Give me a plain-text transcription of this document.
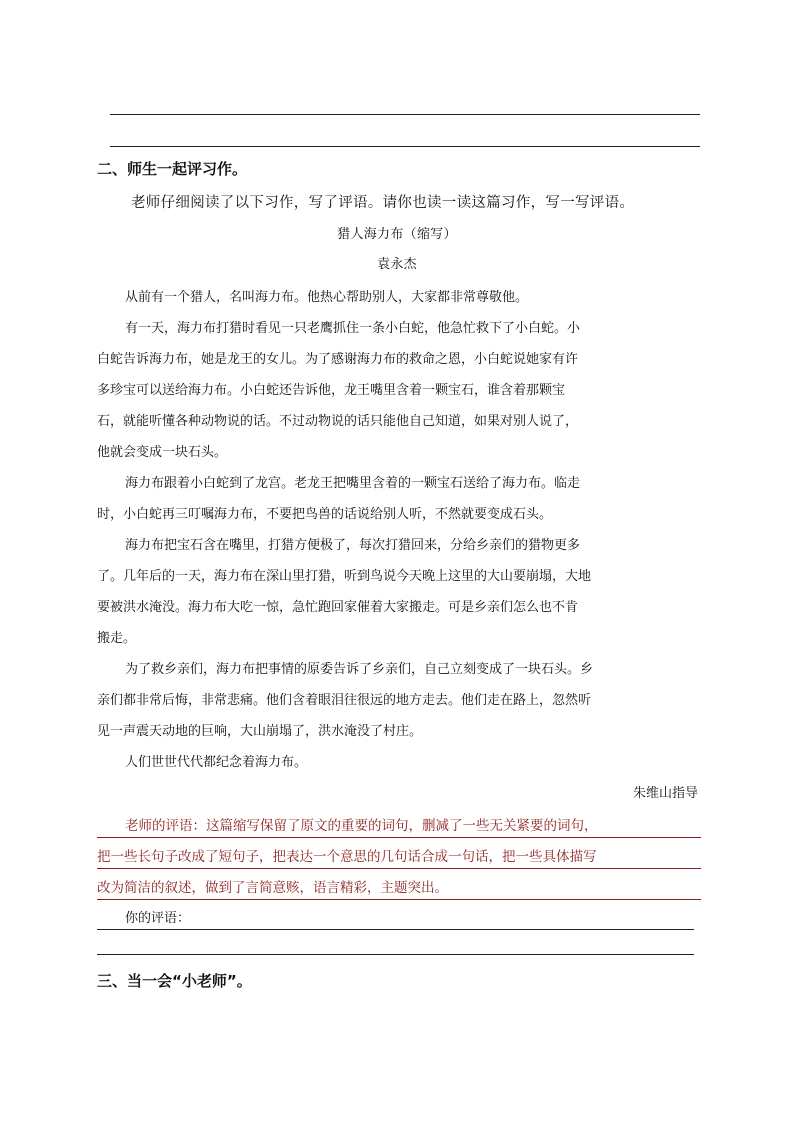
二、师生一起评习作。
老师仔细阅读了以下习作，写了评语。请你也读一读这篇习作，写一写评语。
猎人海力布（缩写）
袁永杰
从前有一个猎人，名叫海力布。他热心帮助别人，大家都非常尊敬他。
有一天，海力布打猎时看见一只老鹰抓住一条小白蛇，他急忙救下了小白蛇。小
白蛇告诉海力布，她是龙王的女儿。为了感谢海力布的救命之恩，小白蛇说她家有许
多珍宝可以送给海力布。小白蛇还告诉他，龙王嘴里含着一颗宝石，谁含着那颗宝
石，就能听懂各种动物说的话。不过动物说的话只能他自己知道，如果对别人说了，
他就会变成一块石头。
海力布跟着小白蛇到了龙宫。老龙王把嘴里含着的一颗宝石送给了海力布。临走
时，小白蛇再三叮嘱海力布，不要把鸟兽的话说给别人听，不然就要变成石头。
海力布把宝石含在嘴里，打猎方便极了，每次打猎回来，分给乡亲们的猎物更多
了。几年后的一天，海力布在深山里打猎，听到鸟说今天晚上这里的大山要崩塌，大地
要被洪水淹没。海力布大吃一惊，急忙跑回家催着大家搬走。可是乡亲们怎么也不肯
搬走。
为了救乡亲们，海力布把事情的原委告诉了乡亲们，自己立刻变成了一块石头。乡
亲们都非常后悔，非常悲痛。他们含着眼泪往很远的地方走去。他们走在路上，忽然听
见一声震天动地的巨响，大山崩塌了，洪水淹没了村庄。
人们世世代代都纪念着海力布。
朱维山指导
老师的评语：这篇缩写保留了原文的重要的词句，删减了一些无关紧要的词句，
把一些长句子改成了短句子，把表达一个意思的几句话合成一句话，把一些具体描写
改为简洁的叙述，做到了言简意赅，语言精彩，主题突出。
你的评语：
三、当一会“小老师”。
